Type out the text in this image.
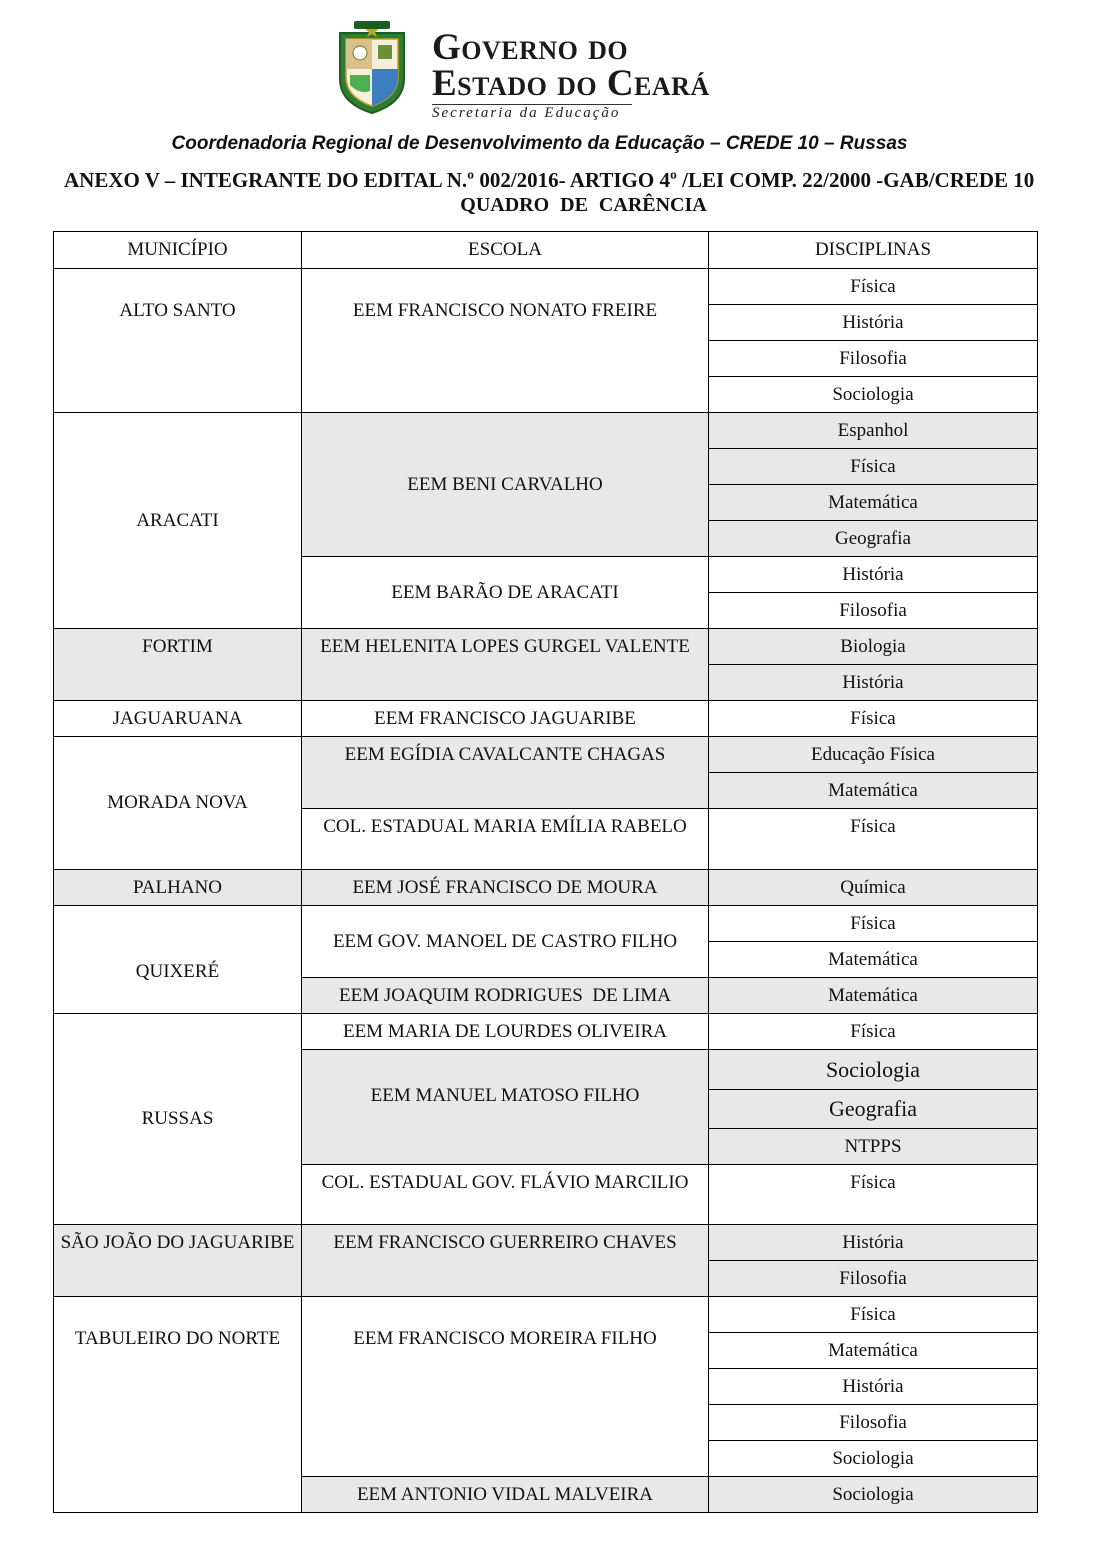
Governo do
Estado do Ceará
Secretaria da Educação
Coordenadoria Regional de Desenvolvimento da Educação – CREDE 10 – Russas
ANEXO V – INTEGRANTE DO EDITAL N.º 002/2016- ARTIGO 4º /LEI COMP. 22/2000 -GAB/CREDE 10
QUADRO DE CARÊNCIA
MUNICÍPIO	ESCOLA	DISCIPLINAS
ALTO SANTO	EEM FRANCISCO NONATO FREIRE	Física
		História
		Filosofia
		Sociologia
ARACATI	EEM BENI CARVALHO	Espanhol
		Física
		Matemática
		Geografia
	EEM BARÃO DE ARACATI	História
		Filosofia
FORTIM	EEM HELENITA LOPES GURGEL VALENTE	Biologia
		História
JAGUARUANA	EEM FRANCISCO JAGUARIBE	Física
MORADA NOVA	EEM EGÍDIA CAVALCANTE CHAGAS	Educação Física
		Matemática
	COL. ESTADUAL MARIA EMÍLIA RABELO	Física
PALHANO	EEM JOSÉ FRANCISCO DE MOURA	Química
QUIXERÉ	EEM GOV. MANOEL DE CASTRO FILHO	Física
		Matemática
	EEM JOAQUIM RODRIGUES  DE LIMA	Matemática
RUSSAS	EEM MARIA DE LOURDES OLIVEIRA	Física
	EEM MANUEL MATOSO FILHO	Sociologia
		Geografia
		NTPPS
	COL. ESTADUAL GOV. FLÁVIO MARCILIO	Física
SÃO JOÃO DO JAGUARIBE	EEM FRANCISCO GUERREIRO CHAVES	História
		Filosofia
TABULEIRO DO NORTE	EEM FRANCISCO MOREIRA FILHO	Física
		Matemática
		História
		Filosofia
		Sociologia
	EEM ANTONIO VIDAL MALVEIRA	Sociologia
